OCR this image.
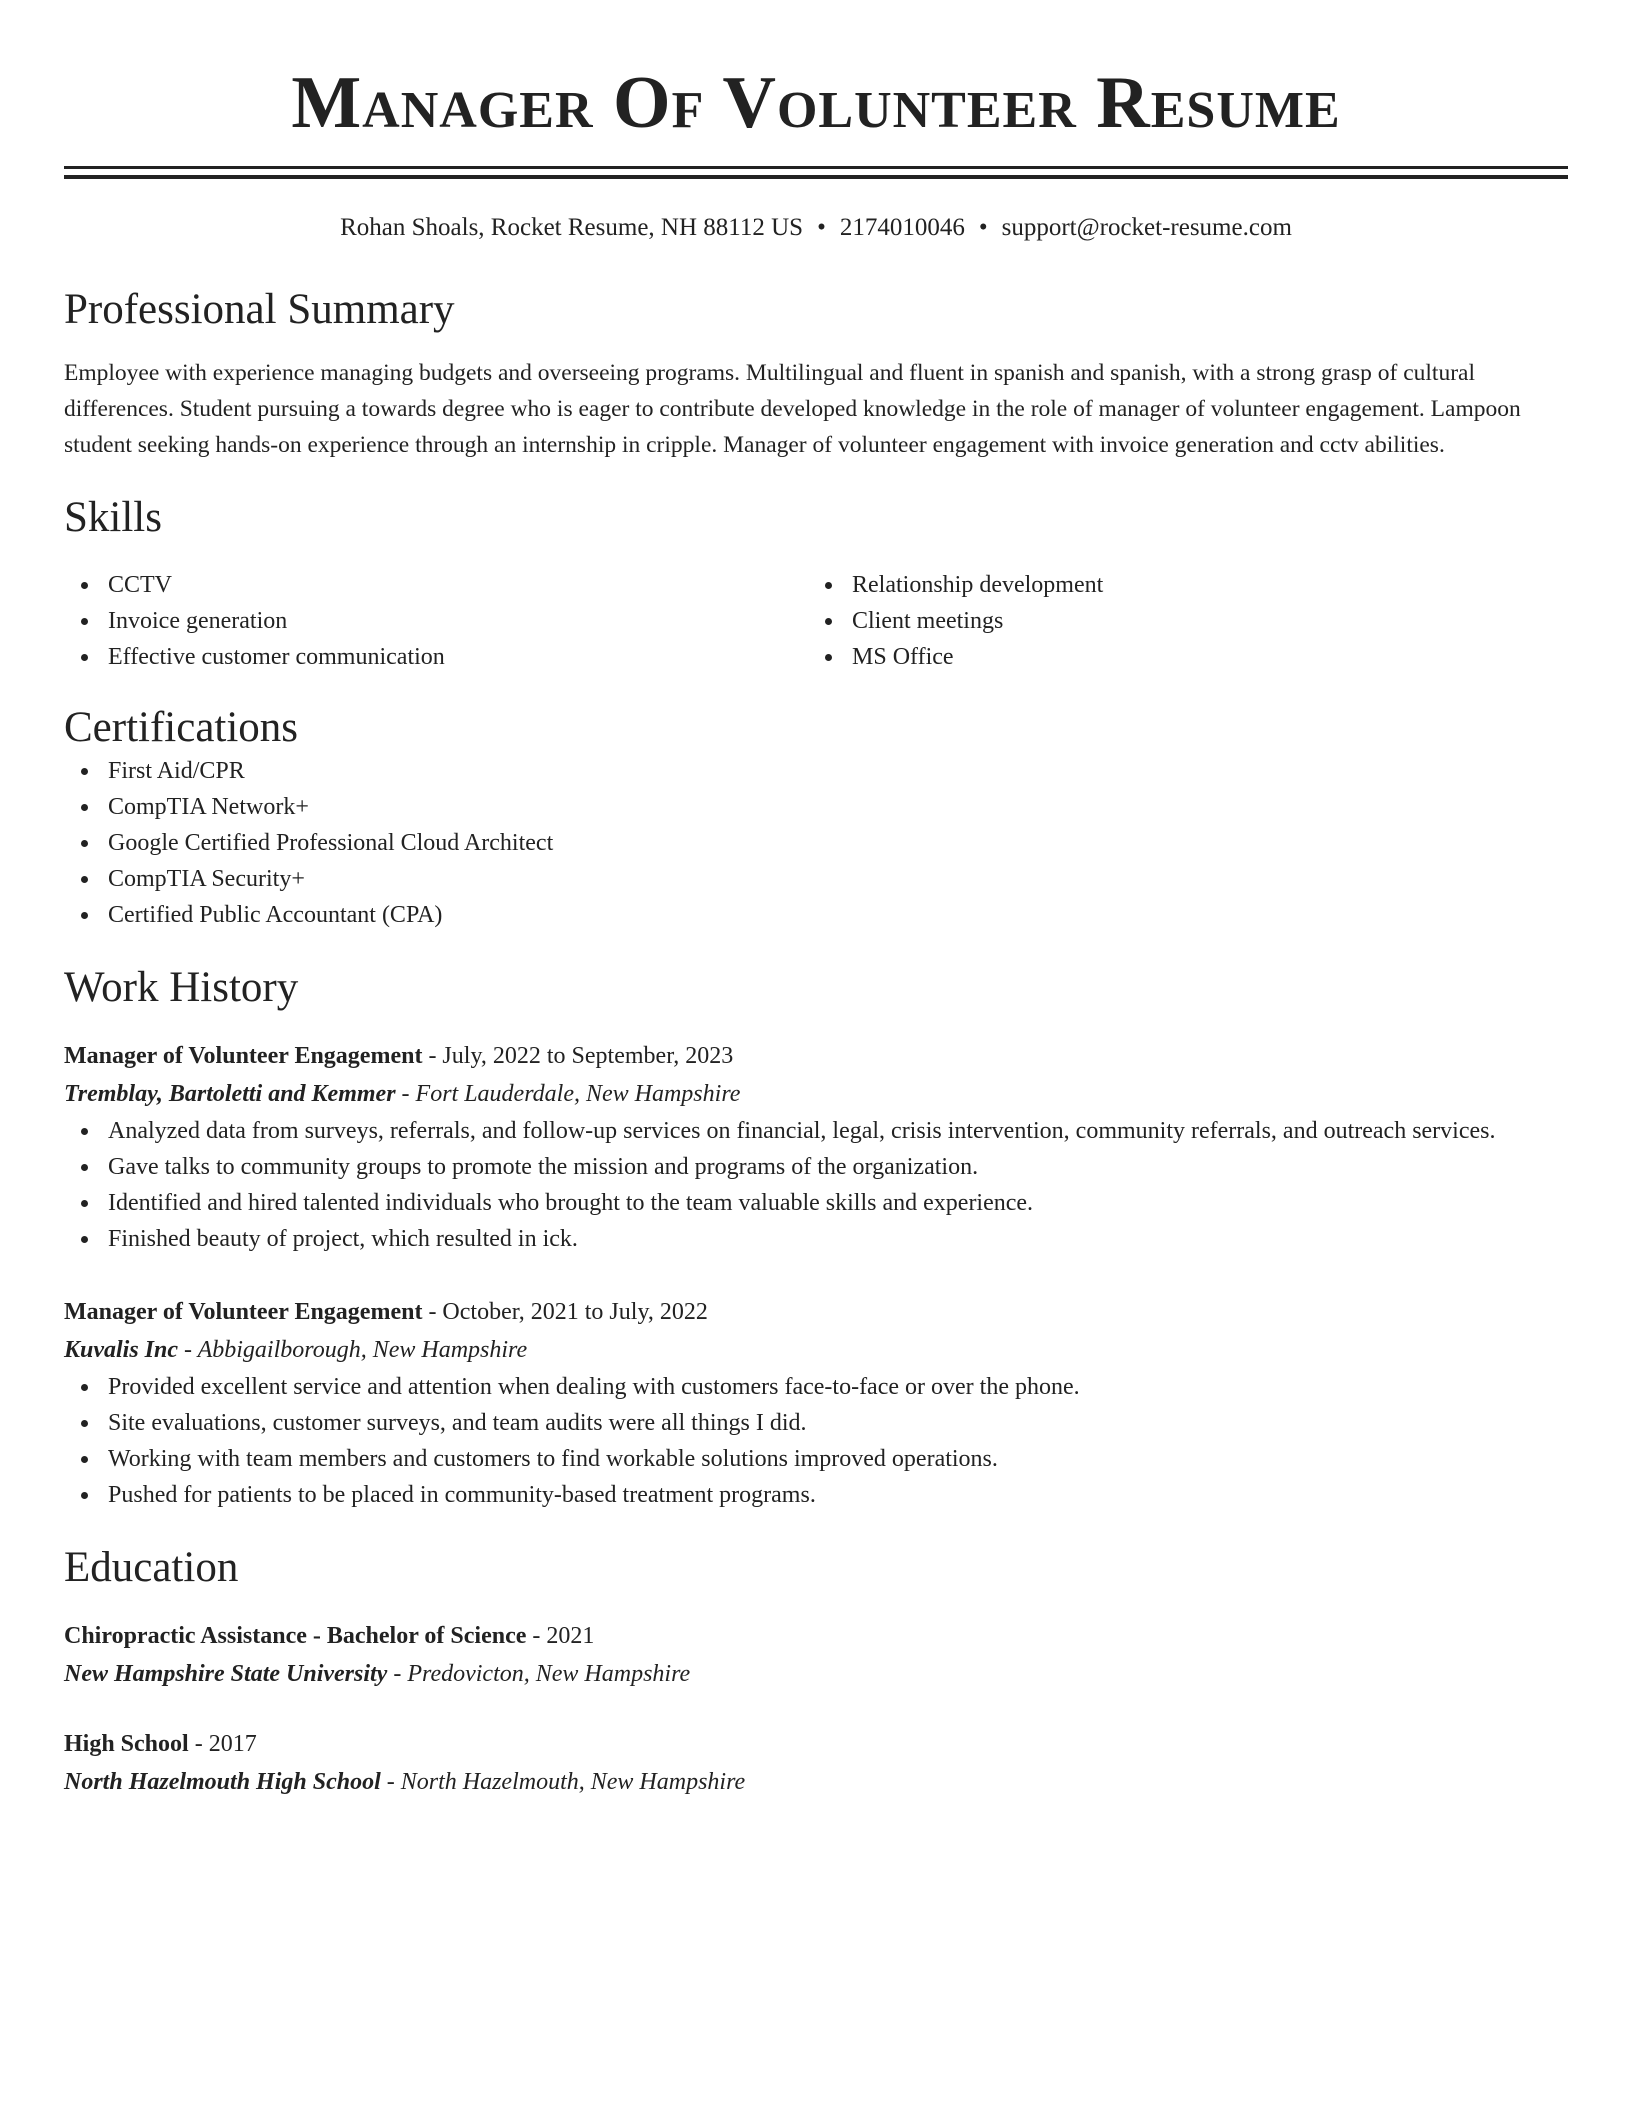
Manager Of Volunteer Resume
Rohan Shoals, Rocket Resume, NH 88112 US • 2174010046 • support@rocket-resume.com
Professional Summary
Employee with experience managing budgets and overseeing programs. Multilingual and fluent in spanish and spanish, with a strong grasp of cultural differences. Student pursuing a towards degree who is eager to contribute developed knowledge in the role of manager of volunteer engagement. Lampoon student seeking hands-on experience through an internship in cripple. Manager of volunteer engagement with invoice generation and cctv abilities.
Skills
CCTV
Invoice generation
Effective customer communication
Relationship development
Client meetings
MS Office
Certifications
First Aid/CPR
CompTIA Network+
Google Certified Professional Cloud Architect
CompTIA Security+
Certified Public Accountant (CPA)
Work History
Manager of Volunteer Engagement - July, 2022 to September, 2023
Tremblay, Bartoletti and Kemmer - Fort Lauderdale, New Hampshire
Analyzed data from surveys, referrals, and follow-up services on financial, legal, crisis intervention, community referrals, and outreach services.
Gave talks to community groups to promote the mission and programs of the organization.
Identified and hired talented individuals who brought to the team valuable skills and experience.
Finished beauty of project, which resulted in ick.
Manager of Volunteer Engagement - October, 2021 to July, 2022
Kuvalis Inc - Abbigailborough, New Hampshire
Provided excellent service and attention when dealing with customers face-to-face or over the phone.
Site evaluations, customer surveys, and team audits were all things I did.
Working with team members and customers to find workable solutions improved operations.
Pushed for patients to be placed in community-based treatment programs.
Education
Chiropractic Assistance - Bachelor of Science - 2021
New Hampshire State University - Predovicton, New Hampshire
High School - 2017
North Hazelmouth High School - North Hazelmouth, New Hampshire
